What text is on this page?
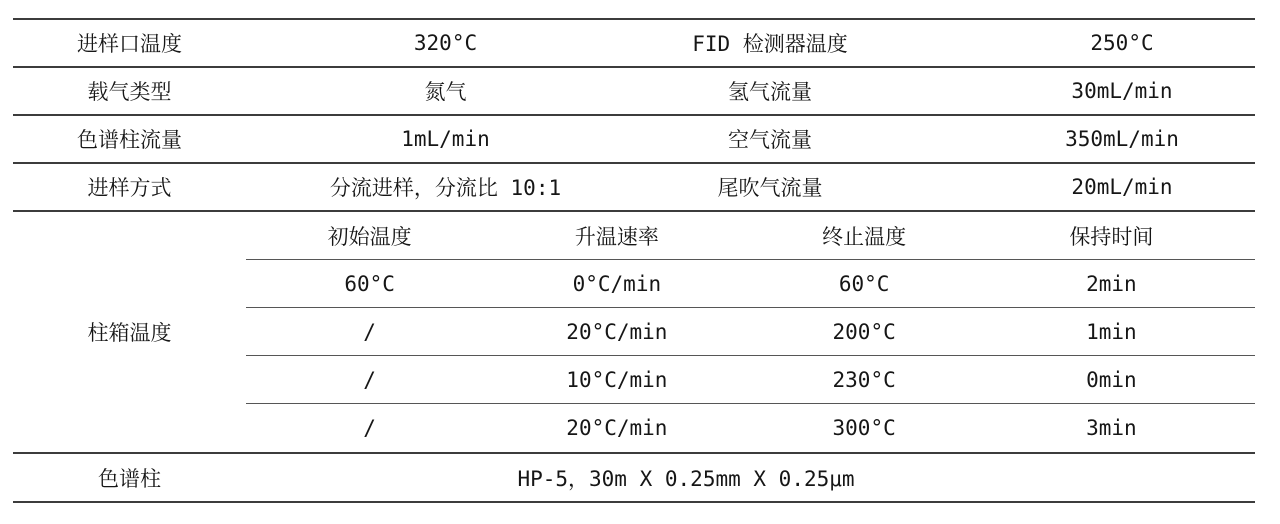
进样口温度	320°C	FID 检测器温度	250°C
载气类型	氮气	氢气流量	30mL/min
色谱柱流量	1mL/min	空气流量	350mL/min
进样方式	分流进样，分流比 10:1	尾吹气流量	20mL/min
柱箱温度
初始温度	升温速率	终止温度	保持时间
60°C	0°C/min	60°C	2min
/	20°C/min	200°C	1min
/	10°C/min	230°C	0min
/	20°C/min	300°C	3min
色谱柱	HP-5，30m X 0.25mm X 0.25μm
